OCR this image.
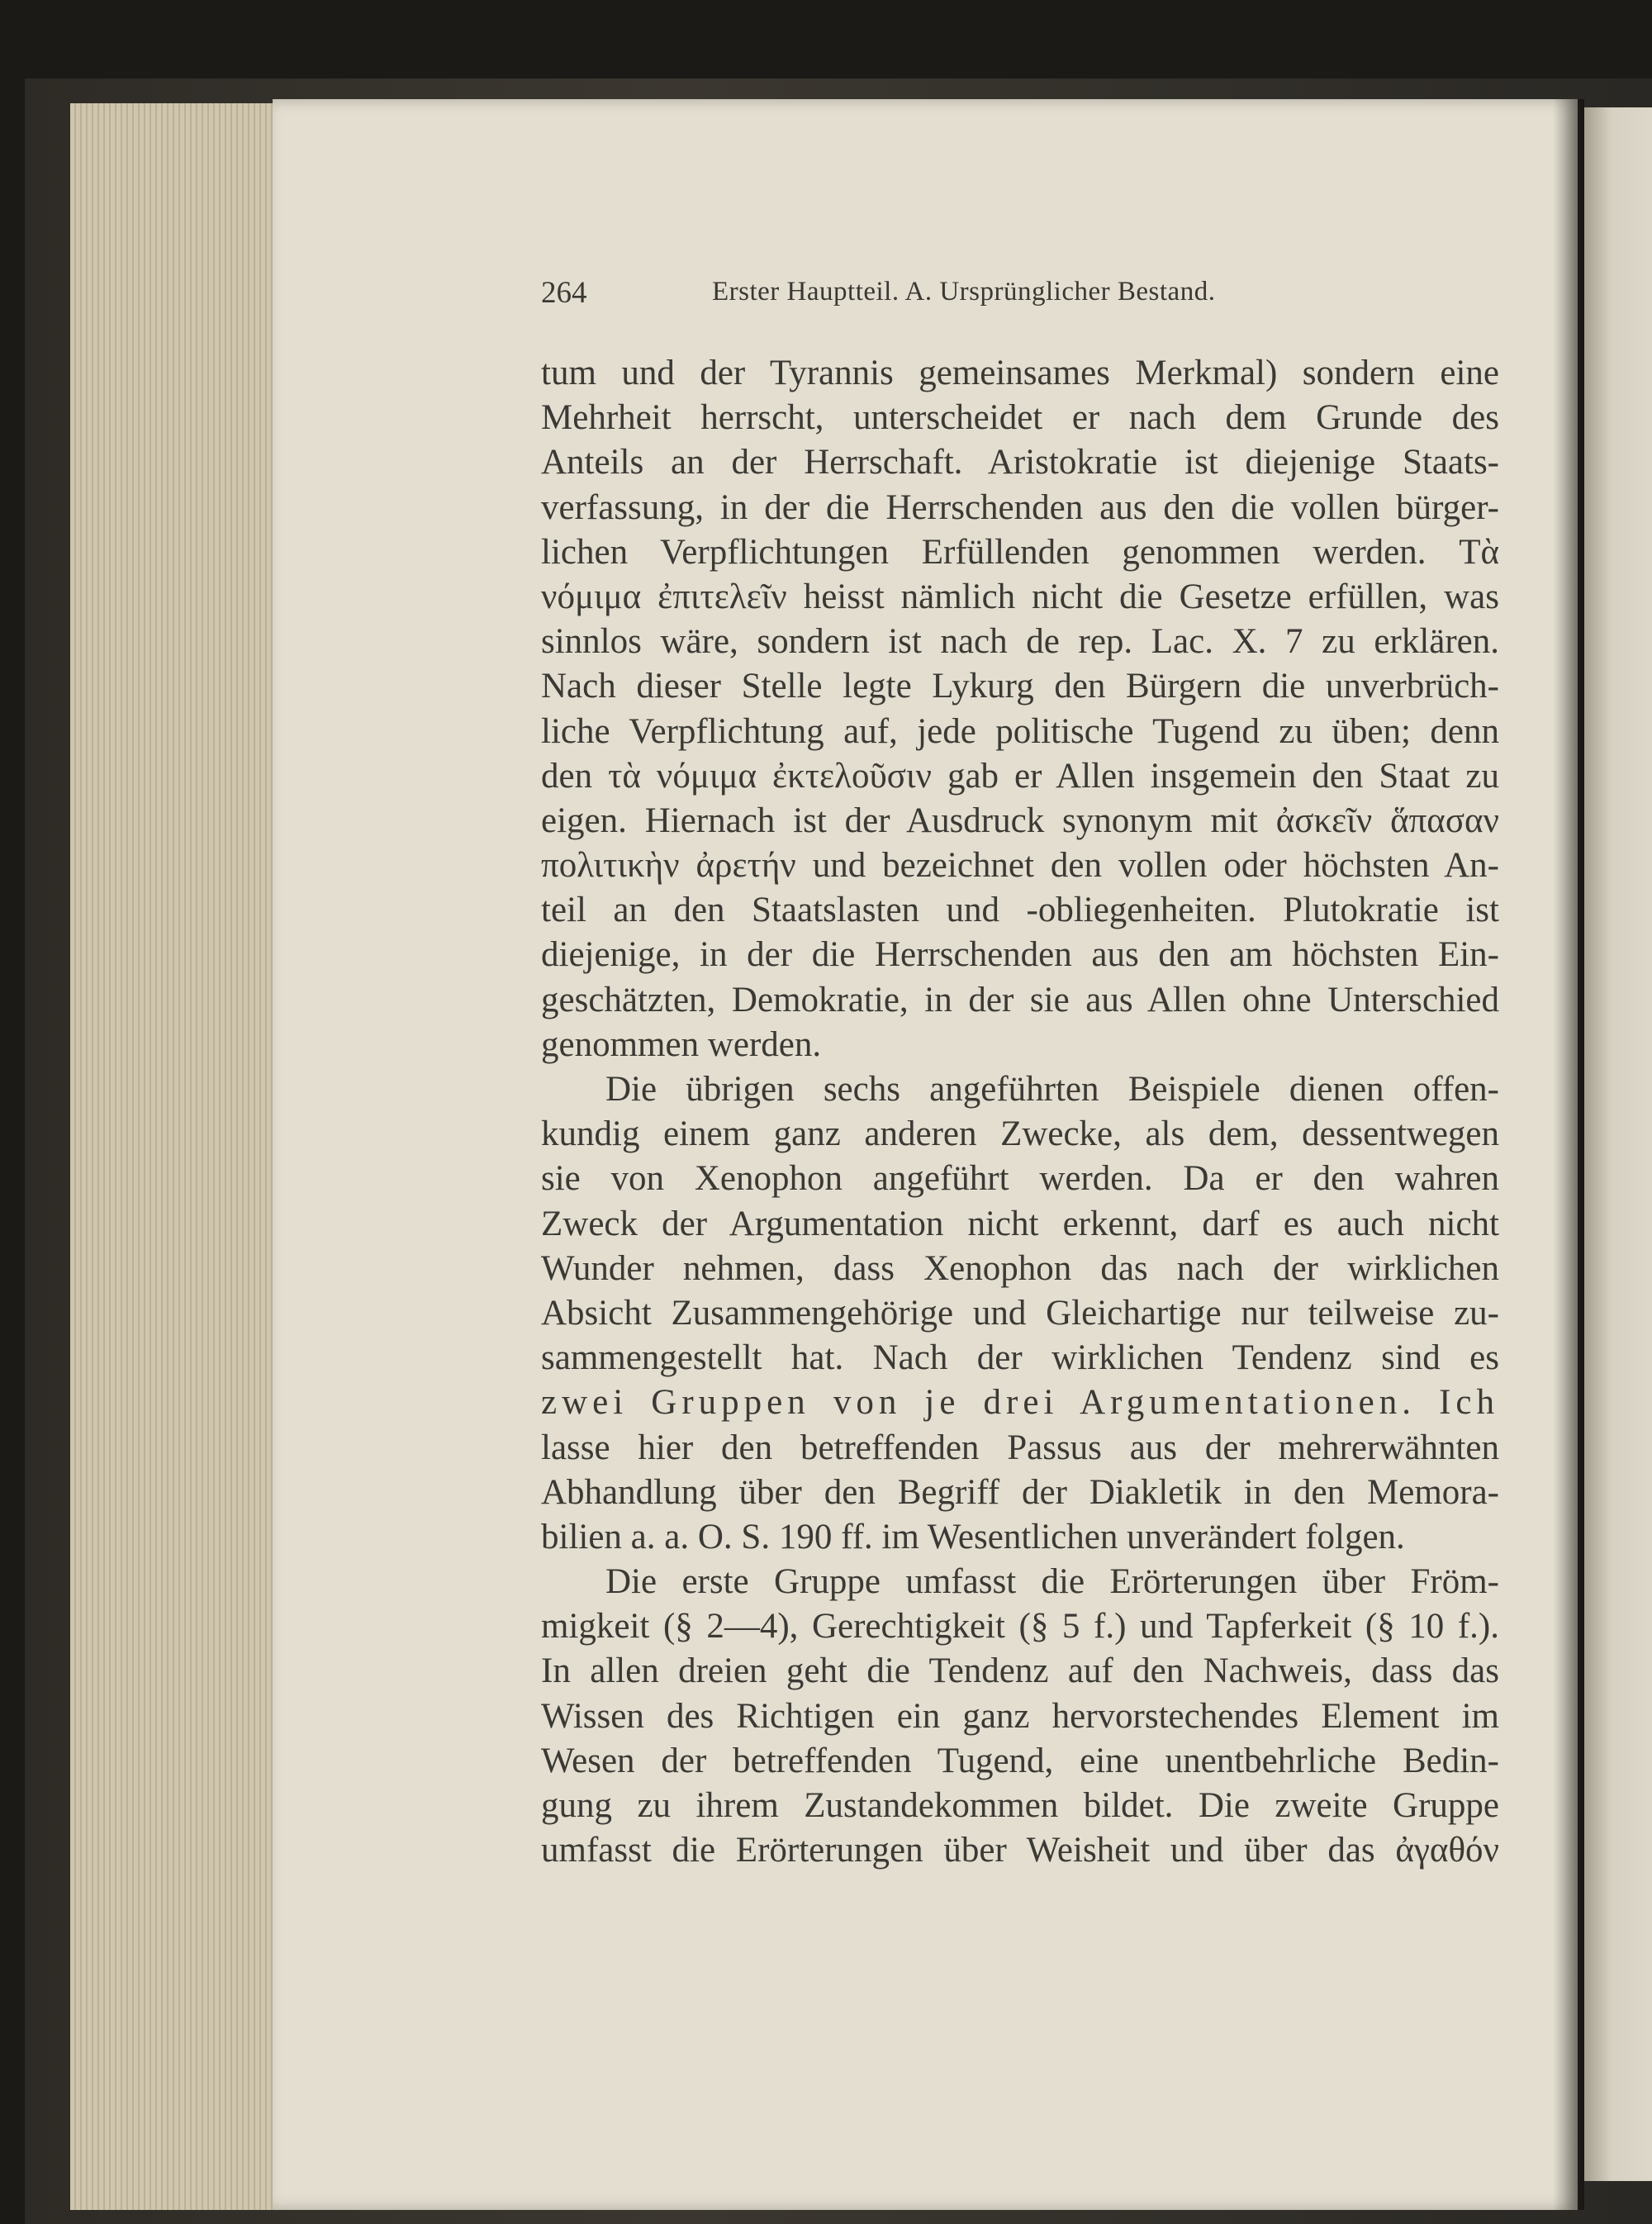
264	Erster Hauptteil. A. Ursprünglicher Bestand.
tum und der Tyrannis gemeinsames Merkmal) sondern eine
Mehrheit herrscht, unterscheidet er nach dem Grunde des
Anteils an der Herrschaft. Aristokratie ist diejenige Staats-
verfassung, in der die Herrschenden aus den die vollen bürger-
lichen Verpflichtungen Erfüllenden genommen werden. Τὰ
νόμιμα ἐπιτελεῖν heisst nämlich nicht die Gesetze erfüllen, was
sinnlos wäre, sondern ist nach de rep. Lac. X. 7 zu erklären.
Nach dieser Stelle legte Lykurg den Bürgern die unverbrüch-
liche Verpflichtung auf, jede politische Tugend zu üben; denn
den τὰ νόμιμα ἐκτελοῦσιν gab er Allen insgemein den Staat zu
eigen. Hiernach ist der Ausdruck synonym mit ἀσκεῖν ἅπασαν
πολιτικὴν ἀρετήν und bezeichnet den vollen oder höchsten An-
teil an den Staatslasten und -obliegenheiten. Plutokratie ist
diejenige, in der die Herrschenden aus den am höchsten Ein-
geschätzten, Demokratie, in der sie aus Allen ohne Unterschied
genommen werden.
Die übrigen sechs angeführten Beispiele dienen offen-
kundig einem ganz anderen Zwecke, als dem, dessentwegen
sie von Xenophon angeführt werden. Da er den wahren
Zweck der Argumentation nicht erkennt, darf es auch nicht
Wunder nehmen, dass Xenophon das nach der wirklichen
Absicht Zusammengehörige und Gleichartige nur teilweise zu-
sammengestellt hat. Nach der wirklichen Tendenz sind es
zwei Gruppen von je drei Argumentationen. Ich
lasse hier den betreffenden Passus aus der mehrerwähnten
Abhandlung über den Begriff der Diakletik in den Memora-
bilien a. a. O. S. 190 ff. im Wesentlichen unverändert folgen.
Die erste Gruppe umfasst die Erörterungen über Fröm-
migkeit (§ 2—4), Gerechtigkeit (§ 5 f.) und Tapferkeit (§ 10 f.).
In allen dreien geht die Tendenz auf den Nachweis, dass das
Wissen des Richtigen ein ganz hervorstechendes Element im
Wesen der betreffenden Tugend, eine unentbehrliche Bedin-
gung zu ihrem Zustandekommen bildet. Die zweite Gruppe
umfasst die Erörterungen über Weisheit und über das ἀγαθόν
